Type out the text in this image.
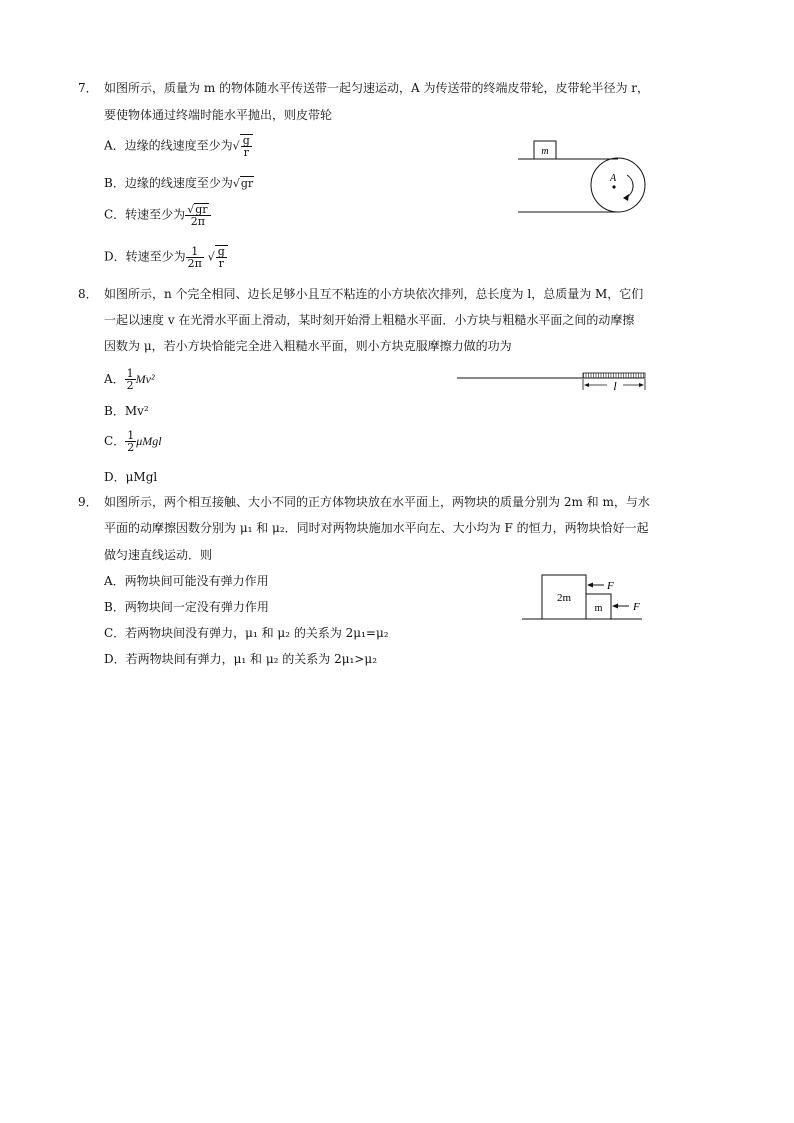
7． 如图所示，质量为 m 的物体随水平传送带一起匀速运动，A 为传送带的终端皮带轮，皮带轮半径为 r，
要使物体通过终端时能水平抛出，则皮带轮
A．边缘的线速度至少为√ $\frac{g}{r}$
B．边缘的线速度至少为√gr
C．转速至少为 $\frac{√gr}{2\pi}$
D．转速至少为 $\frac{1}{2\pi}$ √ $\frac{g}{r}$
m
A
8． 如图所示，n 个完全相同、边长足够小且互不粘连的小方块依次排列，总长度为 l，总质量为 M，它们
一起以速度 v 在光滑水平面上滑动，某时刻开始滑上粗糙水平面．小方块与粗糙水平面之间的动摩擦
因数为 μ，若小方块恰能完全进入粗糙水平面，则小方块克服摩擦力做的功为
A． $\frac{1}{2} Mv^2$
B．Mv²
C． $\frac{1}{2}$ μMgl
D．μMgl
l
9． 如图所示，两个相互接触、大小不同的正方体物块放在水平面上，两物块的质量分别为 2m 和 m，与水
平面的动摩擦因数分别为 μ₁ 和 μ₂．同时对两物块施加水平向左、大小均为 F 的恒力，两物块恰好一起
做匀速直线运动．则
A．两物块间可能没有弹力作用
B．两物块间一定没有弹力作用
C．若两物块间没有弹力，μ₁ 和 μ₂ 的关系为 2μ₁=μ₂
D．若两物块间有弹力，μ₁ 和 μ₂ 的关系为 2μ₁>μ₂
2m
m
F
F
